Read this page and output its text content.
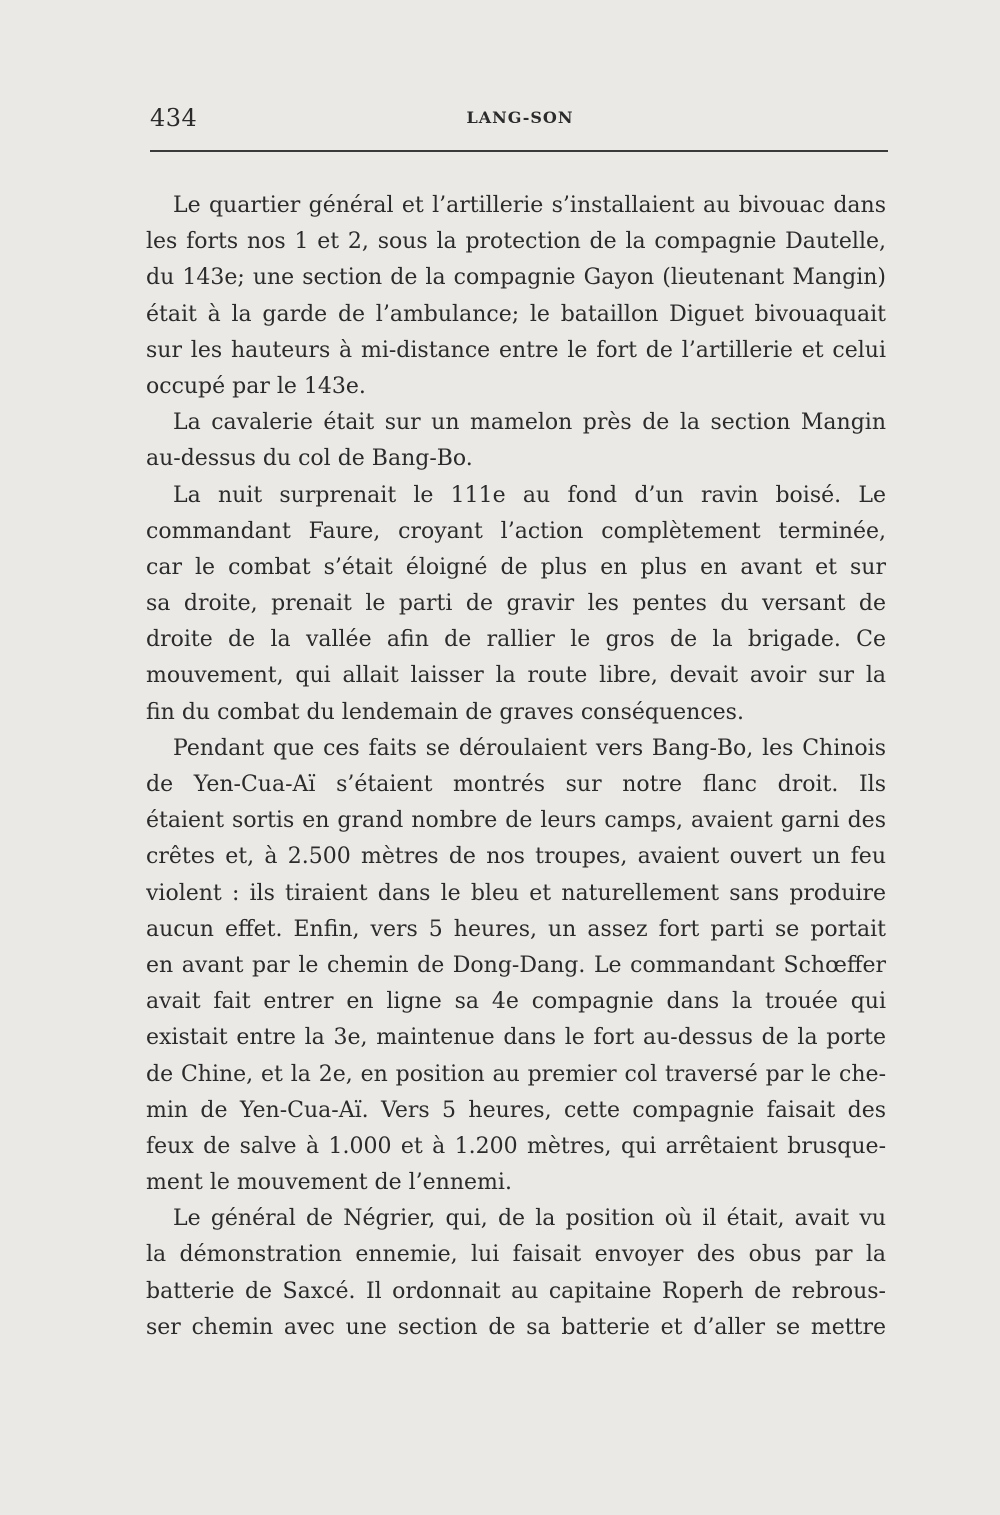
434	LANG-SON
Le quartier général et l’artillerie s’installaient au bivouac dans
les forts nos 1 et 2, sous la protection de la compagnie Dautelle,
du 143e; une section de la compagnie Gayon (lieutenant Mangin)
était à la garde de l’ambulance; le bataillon Diguet bivouaquait
sur les hauteurs à mi-distance entre le fort de l’artillerie et celui
occupé par le 143e.
La cavalerie était sur un mamelon près de la section Mangin
au-dessus du col de Bang-Bo.
La nuit surprenait le 111e au fond d’un ravin boisé. Le
commandant Faure, croyant l’action complètement terminée,
car le combat s’était éloigné de plus en plus en avant et sur
sa droite, prenait le parti de gravir les pentes du versant de
droite de la vallée afin de rallier le gros de la brigade. Ce
mouvement, qui allait laisser la route libre, devait avoir sur la
fin du combat du lendemain de graves conséquences.
Pendant que ces faits se déroulaient vers Bang-Bo, les Chinois
de Yen-Cua-Aï s’étaient montrés sur notre flanc droit. Ils
étaient sortis en grand nombre de leurs camps, avaient garni des
crêtes et, à 2.500 mètres de nos troupes, avaient ouvert un feu
violent : ils tiraient dans le bleu et naturellement sans produire
aucun effet. Enfin, vers 5 heures, un assez fort parti se portait
en avant par le chemin de Dong-Dang. Le commandant Schœffer
avait fait entrer en ligne sa 4e compagnie dans la trouée qui
existait entre la 3e, maintenue dans le fort au-dessus de la porte
de Chine, et la 2e, en position au premier col traversé par le che-
min de Yen-Cua-Aï. Vers 5 heures, cette compagnie faisait des
feux de salve à 1.000 et à 1.200 mètres, qui arrêtaient brusque-
ment le mouvement de l’ennemi.
Le général de Négrier, qui, de la position où il était, avait vu
la démonstration ennemie, lui faisait envoyer des obus par la
batterie de Saxcé. Il ordonnait au capitaine Roperh de rebrous-
ser chemin avec une section de sa batterie et d’aller se mettre
